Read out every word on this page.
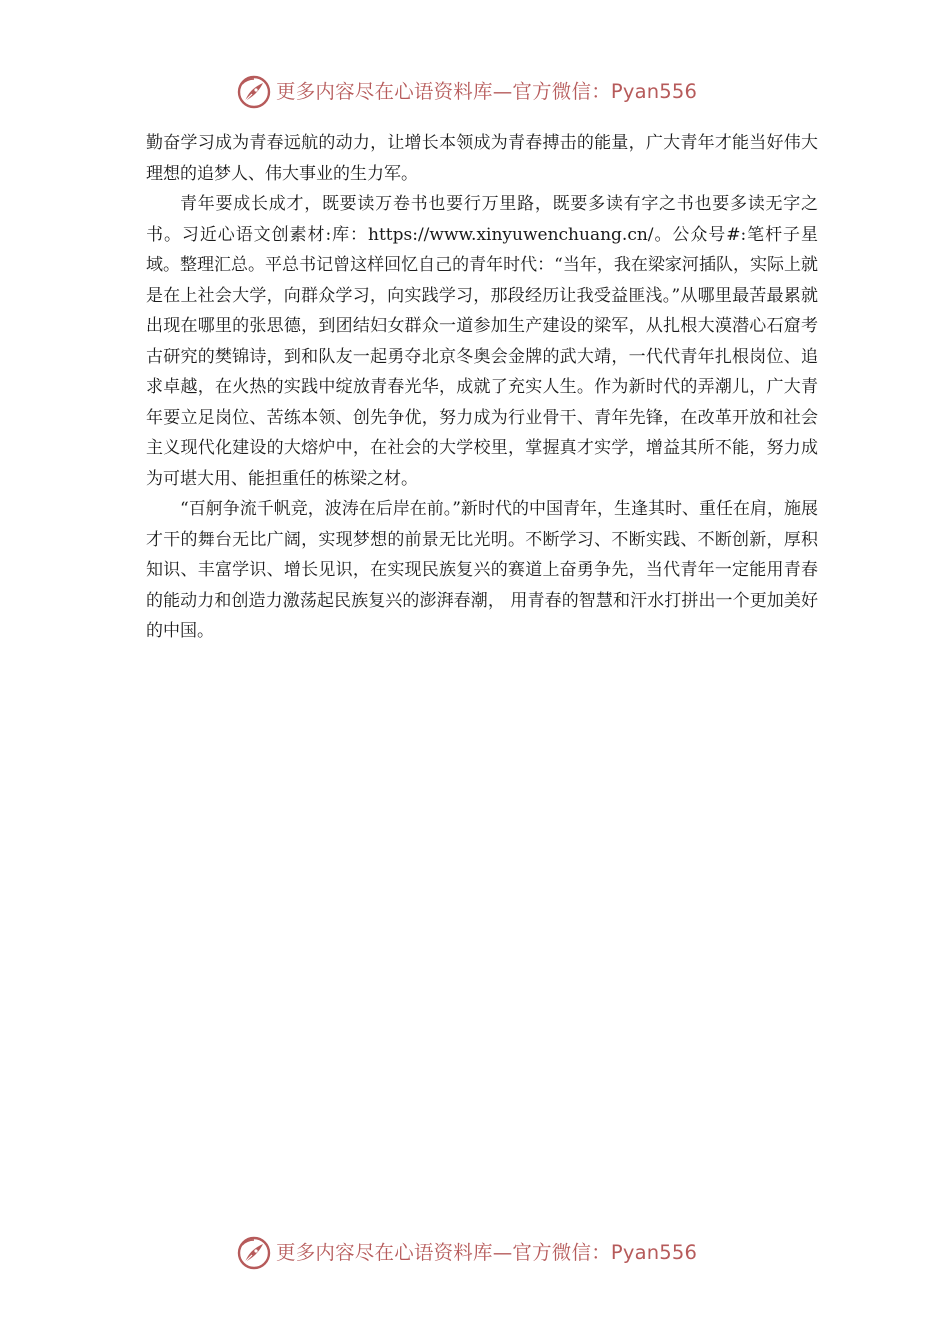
更多内容尽在心语资料库—官方微信：Pyan556

勤奋学习成为青春远航的动力，让增长本领成为青春搏击的能量，广大青年才能当好伟大理想的追梦人、伟大事业的生力军。

青年要成长成才，既要读万卷书也要行万里路，既要多读有字之书也要多读无字之书。习近心语文创素材:库：https://www.xinyuwenchuang.cn/。公众号#:笔杆子星域。整理汇总。平总书记曾这样回忆自己的青年时代：“当年，我在梁家河插队，实际上就是在上社会大学，向群众学习，向实践学习，那段经历让我受益匪浅。”从哪里最苦最累就出现在哪里的张思德，到团结妇女群众一道参加生产建设的梁军，从扎根大漠潜心石窟考古研究的樊锦诗，到和队友一起勇夺北京冬奥会金牌的武大靖，一代代青年扎根岗位、追求卓越，在火热的实践中绽放青春光华，成就了充实人生。作为新时代的弄潮儿，广大青年要立足岗位、苦练本领、创先争优，努力成为行业骨干、青年先锋，在改革开放和社会主义现代化建设的大熔炉中，在社会的大学校里，掌握真才实学，增益其所不能，努力成为可堪大用、能担重任的栋梁之材。

“百舸争流千帆竞，波涛在后岸在前。”新时代的中国青年，生逢其时、重任在肩，施展才干的舞台无比广阔，实现梦想的前景无比光明。不断学习、不断实践、不断创新，厚积知识、丰富学识、增长见识，在实现民族复兴的赛道上奋勇争先，当代青年一定能用青春的能动力和创造力激荡起民族复兴的澎湃春潮， 用青春的智慧和汗水打拼出一个更加美好的中国。

更多内容尽在心语资料库—官方微信：Pyan556
